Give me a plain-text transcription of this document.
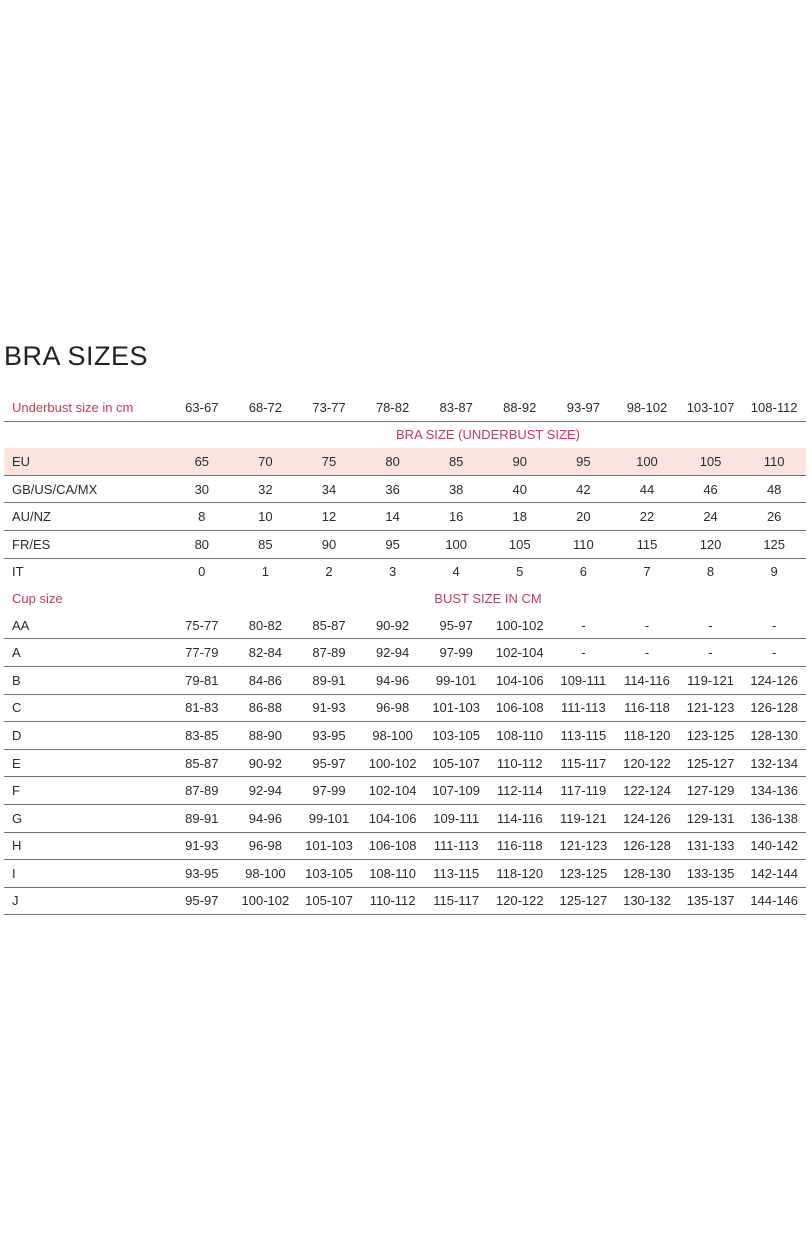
BRA SIZES
Underbust size in cm	63-67	68-72	73-77	78-82	83-87	88-92	93-97	98-102	103-107	108-112
	BRA SIZE (UNDERBUST SIZE)									
EU	65	70	75	80	85	90	95	100	105	110
GB/US/CA/MX	30	32	34	36	38	40	42	44	46	48
AU/NZ	8	10	12	14	16	18	20	22	24	26
FR/ES	80	85	90	95	100	105	110	115	120	125
IT	0	1	2	3	4	5	6	7	8	9
Cup size	BUST SIZE IN CM									
AA	75-77	80-82	85-87	90-92	95-97	100-102	-	-	-	-
A	77-79	82-84	87-89	92-94	97-99	102-104	-	-	-	-
B	79-81	84-86	89-91	94-96	99-101	104-106	109-111	114-116	119-121	124-126
C	81-83	86-88	91-93	96-98	101-103	106-108	111-113	116-118	121-123	126-128
D	83-85	88-90	93-95	98-100	103-105	108-110	113-115	118-120	123-125	128-130
E	85-87	90-92	95-97	100-102	105-107	110-112	115-117	120-122	125-127	132-134
F	87-89	92-94	97-99	102-104	107-109	112-114	117-119	122-124	127-129	134-136
G	89-91	94-96	99-101	104-106	109-111	114-116	119-121	124-126	129-131	136-138
H	91-93	96-98	101-103	106-108	111-113	116-118	121-123	126-128	131-133	140-142
I	93-95	98-100	103-105	108-110	113-115	118-120	123-125	128-130	133-135	142-144
J	95-97	100-102	105-107	110-112	115-117	120-122	125-127	130-132	135-137	144-146
